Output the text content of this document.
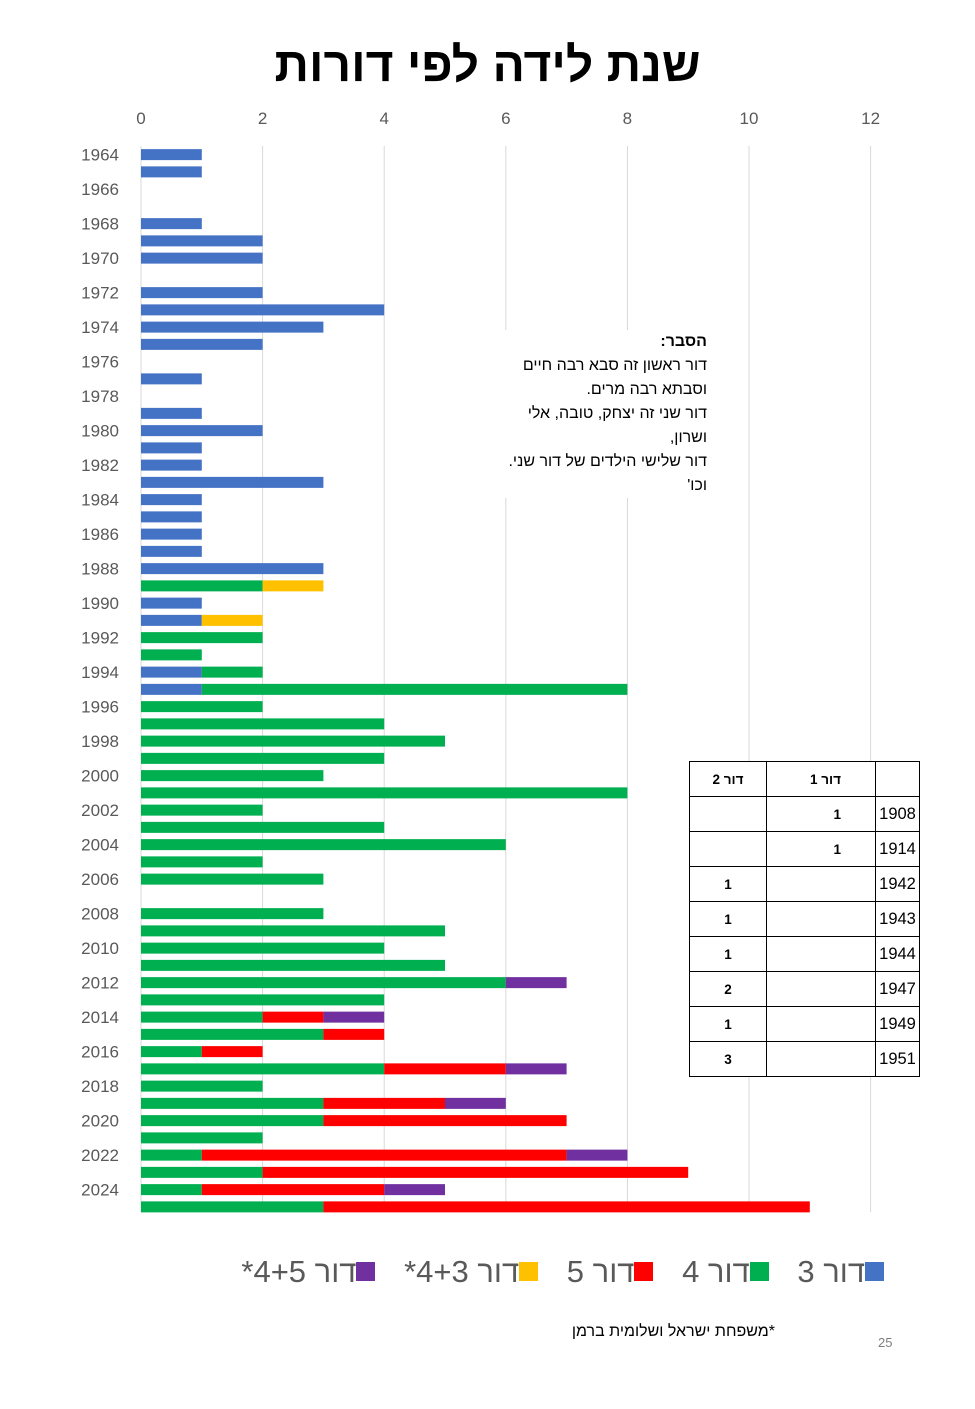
שנת לידה לפי דורות
0	2	4	6	8	10	12
1964
1966
1968
1970
1972
1974
1976
1978
1980
1982
1984
1986
1988
1990
1992
1994
1996
1998
2000
2002
2004
2006
2008
2010
2012
2014
2016
2018
2020
2022
2024
הסבר:
דור ראשון זה סבא רבה חיים
וסבתא רבה מרים.
דור שני זה יצחק, טובה, אלי
ושרון,
דור שלישי הילדים של דור שני.
וכו'
דור 2	דור 1	
	1	1908
	1	1914
1		1942
1		1943
1		1944
2		1947
1		1949
3		1951
דור 3 דור 4 דור 5 דור 4+3* דור 4+5*
*משפחת ישראל ושלומית ברמן
25
